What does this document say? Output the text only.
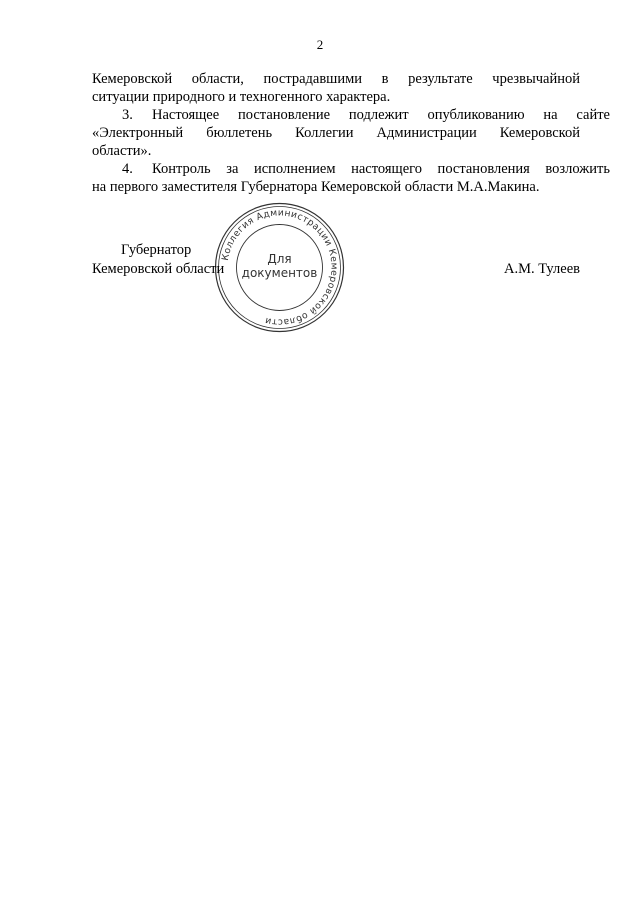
2
Кемеровской области, пострадавшими в результате чрезвычайной
ситуации природного и техногенного характера.
3. Настоящее постановление подлежит опубликованию на сайте
«Электронный бюллетень Коллегии Администрации Кемеровской
области».
4. Контроль за исполнением настоящего постановления возложить
на первого заместителя Губернатора Кемеровской области М.А.Макина.
Коллегия Администрации Кемеровской области
Для
документов
Губернатор
Кемеровской области	А.М. Тулеев
